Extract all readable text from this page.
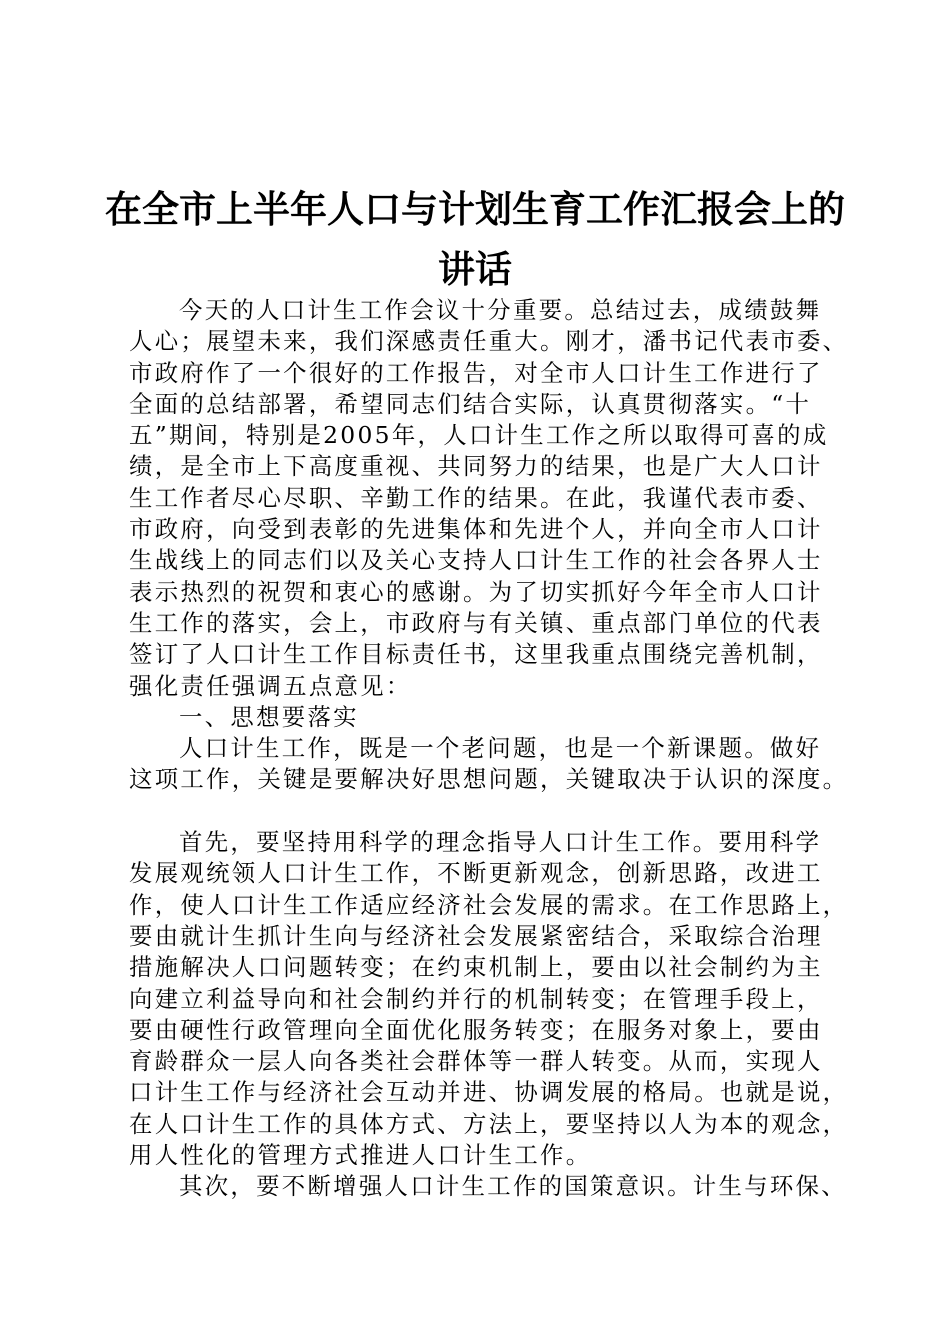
在全市上半年人口与计划生育工作汇报会上的
讲话
今天的人口计生工作会议十分重要。总结过去，成绩鼓舞
人心；展望未来，我们深感责任重大。刚才，潘书记代表市委、
市政府作了一个很好的工作报告，对全市人口计生工作进行了
全面的总结部署，希望同志们结合实际，认真贯彻落实。“十
五”期间，特别是2005年，人口计生工作之所以取得可喜的成
绩，是全市上下高度重视、共同努力的结果，也是广大人口计
生工作者尽心尽职、辛勤工作的结果。在此，我谨代表市委、
市政府，向受到表彰的先进集体和先进个人，并向全市人口计
生战线上的同志们以及关心支持人口计生工作的社会各界人士
表示热烈的祝贺和衷心的感谢。为了切实抓好今年全市人口计
生工作的落实，会上，市政府与有关镇、重点部门单位的代表
签订了人口计生工作目标责任书，这里我重点围绕完善机制，
强化责任强调五点意见：
一、思想要落实
人口计生工作，既是一个老问题，也是一个新课题。做好
这项工作，关键是要解决好思想问题，关键取决于认识的深度。
首先，要坚持用科学的理念指导人口计生工作。要用科学
发展观统领人口计生工作，不断更新观念，创新思路，改进工
作，使人口计生工作适应经济社会发展的需求。在工作思路上，
要由就计生抓计生向与经济社会发展紧密结合，采取综合治理
措施解决人口问题转变；在约束机制上，要由以社会制约为主
向建立利益导向和社会制约并行的机制转变；在管理手段上，
要由硬性行政管理向全面优化服务转变；在服务对象上，要由
育龄群众一层人向各类社会群体等一群人转变。从而，实现人
口计生工作与经济社会互动并进、协调发展的格局。也就是说，
在人口计生工作的具体方式、方法上，要坚持以人为本的观念，
用人性化的管理方式推进人口计生工作。
其次，要不断增强人口计生工作的国策意识。计生与环保、
